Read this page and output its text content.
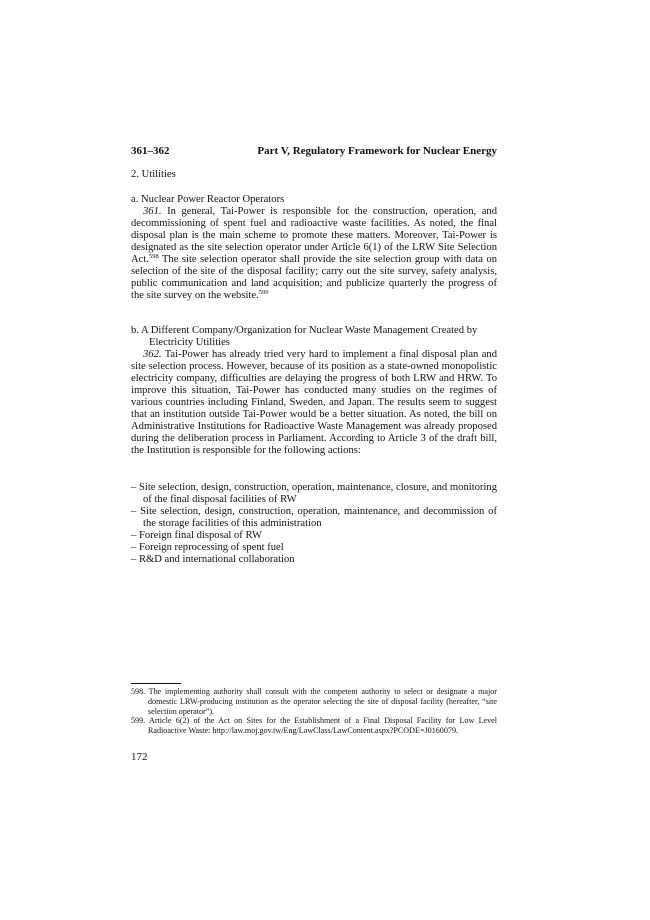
361–362	Part V, Regulatory Framework for Nuclear Energy

2. Utilities

a. Nuclear Power Reactor Operators

361. In general, Tai-Power is responsible for the construction, operation, and decommissioning of spent fuel and radioactive waste facilities. As noted, the final disposal plan is the main scheme to promote these matters. Moreover, Tai-Power is designated as the site selection operator under Article 6(1) of the LRW Site Selection Act.$^{598}$ The site selection operator shall provide the site selection group with data on selection of the site of the disposal facility; carry out the site survey, safety analysis, public communication and land acquisition; and publicize quarterly the progress of the site survey on the website.$^{599}$

b. A Different Company/Organization for Nuclear Waste Management Created by Electricity Utilities

362. Tai-Power has already tried very hard to implement a final disposal plan and site selection process. However, because of its position as a state-owned monopolistic electricity company, difficulties are delaying the progress of both LRW and HRW. To improve this situation, Tai-Power has conducted many studies on the regimes of various countries including Finland, Sweden, and Japan. The results seem to suggest that an institution outside Tai-Power would be a better situation. As noted, the bill on Administrative Institutions for Radioactive Waste Management was already proposed during the deliberation process in Parliament. According to Article 3 of the draft bill, the Institution is responsible for the following actions:

– Site selection, design, construction, operation, maintenance, closure, and monitoring of the final disposal facilities of RW
– Site selection, design, construction, operation, maintenance, and decommission of the storage facilities of this administration
– Foreign final disposal of RW
– Foreign reprocessing of spent fuel
– R&D and international collaboration

598. The implementing authority shall consult with the competent authority to select or designate a major domestic LRW-producing institution as the operator selecting the site of disposal facility (hereafter, “site selection operator”).

599. Article 6(2) of the Act on Sites for the Establishment of a Final Disposal Facility for Low Level Radioactive Waste: http://law.moj.gov.tw/Eng/LawClass/LawContent.aspx?PCODE=J0160079.

172
